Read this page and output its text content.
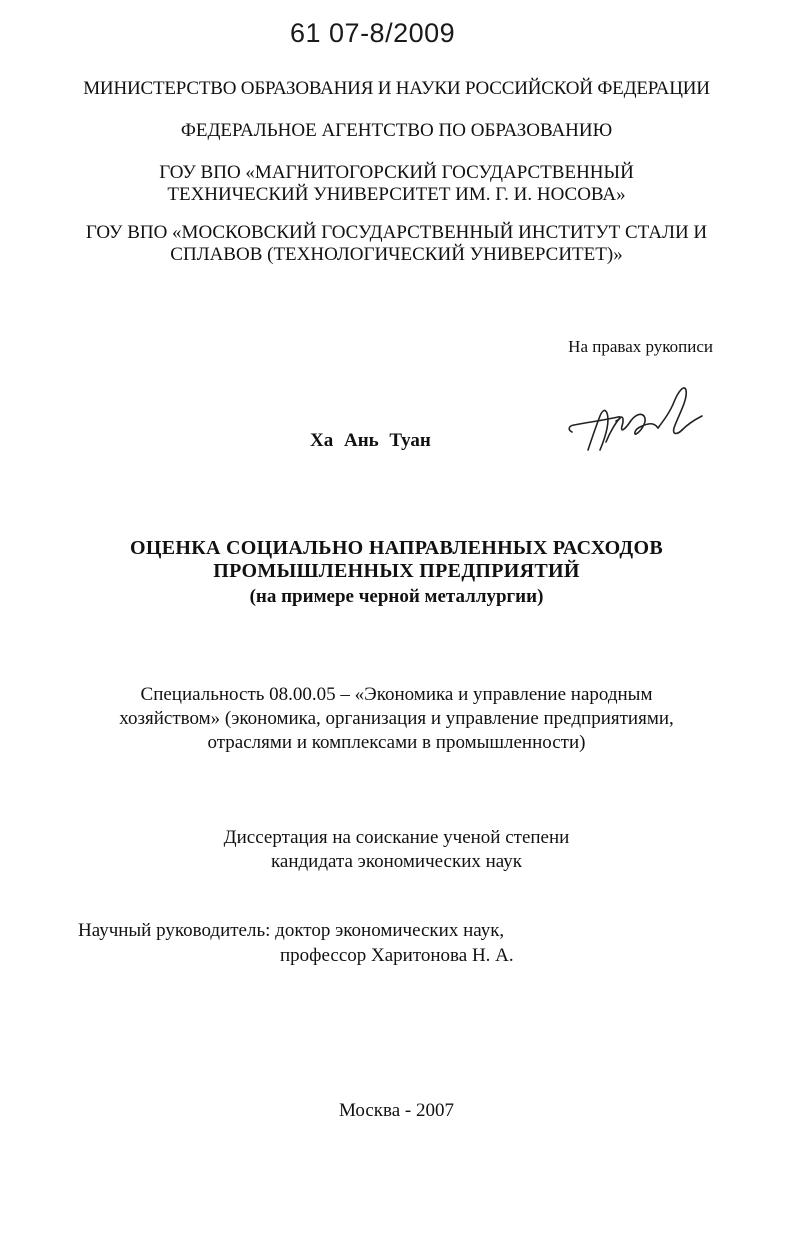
61 07-8/2009
МИНИСТЕРСТВО ОБРАЗОВАНИЯ И НАУКИ РОССИЙСКОЙ ФЕДЕРАЦИИ
ФЕДЕРАЛЬНОЕ АГЕНТСТВО ПО ОБРАЗОВАНИЮ
ГОУ ВПО «МАГНИТОГОРСКИЙ ГОСУДАРСТВЕННЫЙ
ТЕХНИЧЕСКИЙ УНИВЕРСИТЕТ ИМ. Г. И. НОСОВА»
ГОУ ВПО «МОСКОВСКИЙ ГОСУДАРСТВЕННЫЙ ИНСТИТУТ СТАЛИ И
СПЛАВОВ (ТЕХНОЛОГИЧЕСКИЙ УНИВЕРСИТЕТ)»
На правах рукописи
Ха Ань Туан
ОЦЕНКА СОЦИАЛЬНО НАПРАВЛЕННЫХ РАСХОДОВ
ПРОМЫШЛЕННЫХ ПРЕДПРИЯТИЙ
(на примере черной металлургии)
Специальность 08.00.05 – «Экономика и управление народным
хозяйством» (экономика, организация и управление предприятиями,
отраслями и комплексами в промышленности)
Диссертация на соискание ученой степени
кандидата экономических наук
Научный руководитель: доктор экономических наук,
профессор Харитонова Н. А.
Москва - 2007
